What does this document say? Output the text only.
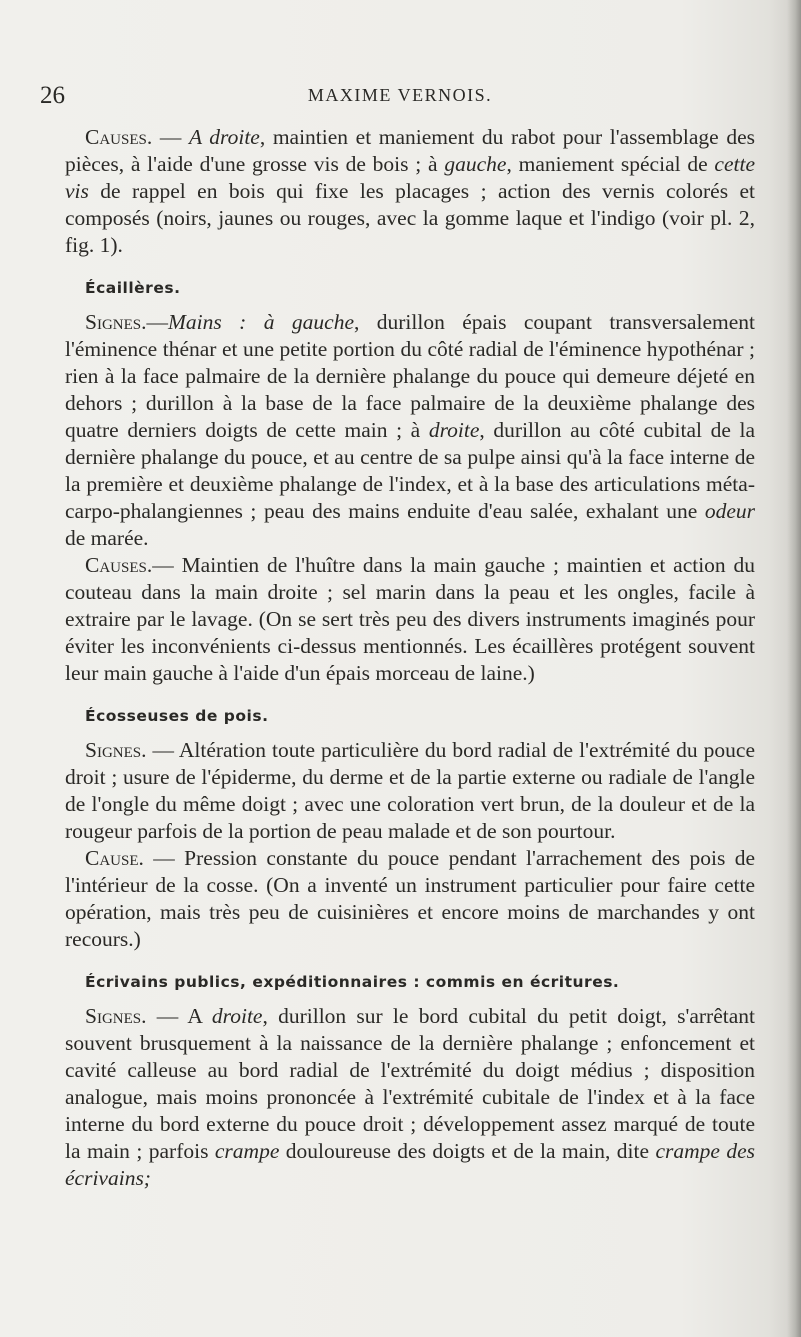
26	MAXIME VERNOIS.

Causes. — A droite, maintien et maniement du rabot pour l'assemblage des pièces, à l'aide d'une grosse vis de bois ; à gauche, maniement spécial de cette vis de rappel en bois qui fixe les placages ; action des vernis colorés et composés (noirs, jaunes ou rouges, avec la gomme laque et l'indigo (voir pl. 2, fig. 1).

Écaillères.

Signes.—Mains : à gauche, durillon épais coupant transversalement l'éminence thénar et une petite portion du côté radial de l'éminence hypothénar ; rien à la face palmaire de la dernière phalange du pouce qui demeure déjeté en dehors ; durillon à la base de la face palmaire de la deuxième phalange des quatre derniers doigts de cette main ; à droite, durillon au côté cubital de la dernière phalange du pouce, et au centre de sa pulpe ainsi qu'à la face interne de la première et deuxième phalange de l'index, et à la base des articulations méta-carpo-phalangiennes ; peau des mains enduite d'eau salée, exhalant une odeur de marée.

Causes.— Maintien de l'huître dans la main gauche ; maintien et action du couteau dans la main droite ; sel marin dans la peau et les ongles, facile à extraire par le lavage. (On se sert très peu des divers instruments imaginés pour éviter les inconvénients ci-dessus mentionnés. Les écaillères protégent souvent leur main gauche à l'aide d'un épais morceau de laine.)

Écosseuses de pois.

Signes. — Altération toute particulière du bord radial de l'extrémité du pouce droit ; usure de l'épiderme, du derme et de la partie externe ou radiale de l'angle de l'ongle du même doigt ; avec une coloration vert brun, de la douleur et de la rougeur parfois de la portion de peau malade et de son pourtour.

Cause. — Pression constante du pouce pendant l'arrachement des pois de l'intérieur de la cosse. (On a inventé un instrument particulier pour faire cette opération, mais très peu de cuisinières et encore moins de marchandes y ont recours.)

Écrivains publics, expéditionnaires : commis en écritures.

Signes. — A droite, durillon sur le bord cubital du petit doigt, s'arrêtant souvent brusquement à la naissance de la dernière phalange ; enfoncement et cavité calleuse au bord radial de l'extrémité du doigt médius ; disposition analogue, mais moins prononcée à l'extrémité cubitale de l'index et à la face interne du bord externe du pouce droit ; développement assez marqué de toute la main ; parfois crampe douloureuse des doigts et de la main, dite crampe des écrivains;
